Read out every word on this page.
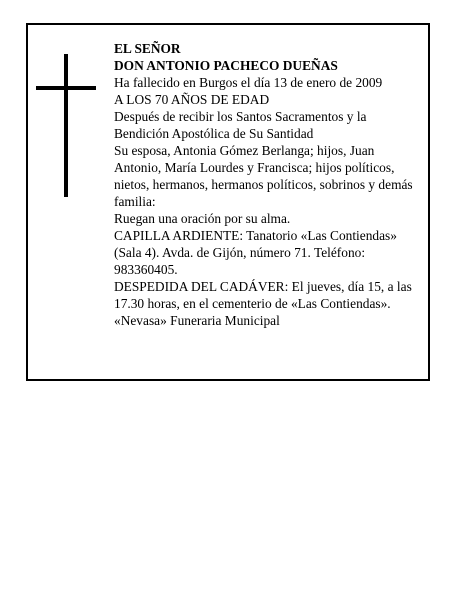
EL SEÑOR

DON ANTONIO PACHECO DUEÑAS

Ha fallecido en Burgos el día 13 de enero de 2009

A LOS 70 AÑOS DE EDAD

Después de recibir los Santos Sacramentos y la Bendición Apostólica de Su Santidad

Su esposa, Antonia Gómez Berlanga; hijos, Juan Antonio, María Lourdes y Francisca; hijos políticos, nietos, hermanos, hermanos políticos, sobrinos y demás familia:

Ruegan una oración por su alma.

CAPILLA ARDIENTE: Tanatorio «Las Contiendas» (Sala 4). Avda. de Gijón, número 71. Teléfono: 983360405.

DESPEDIDA DEL CADÁVER: El jueves, día 15, a las 17.30 horas, en el cementerio de «Las Contiendas».

«Nevasa» Funeraria Municipal
